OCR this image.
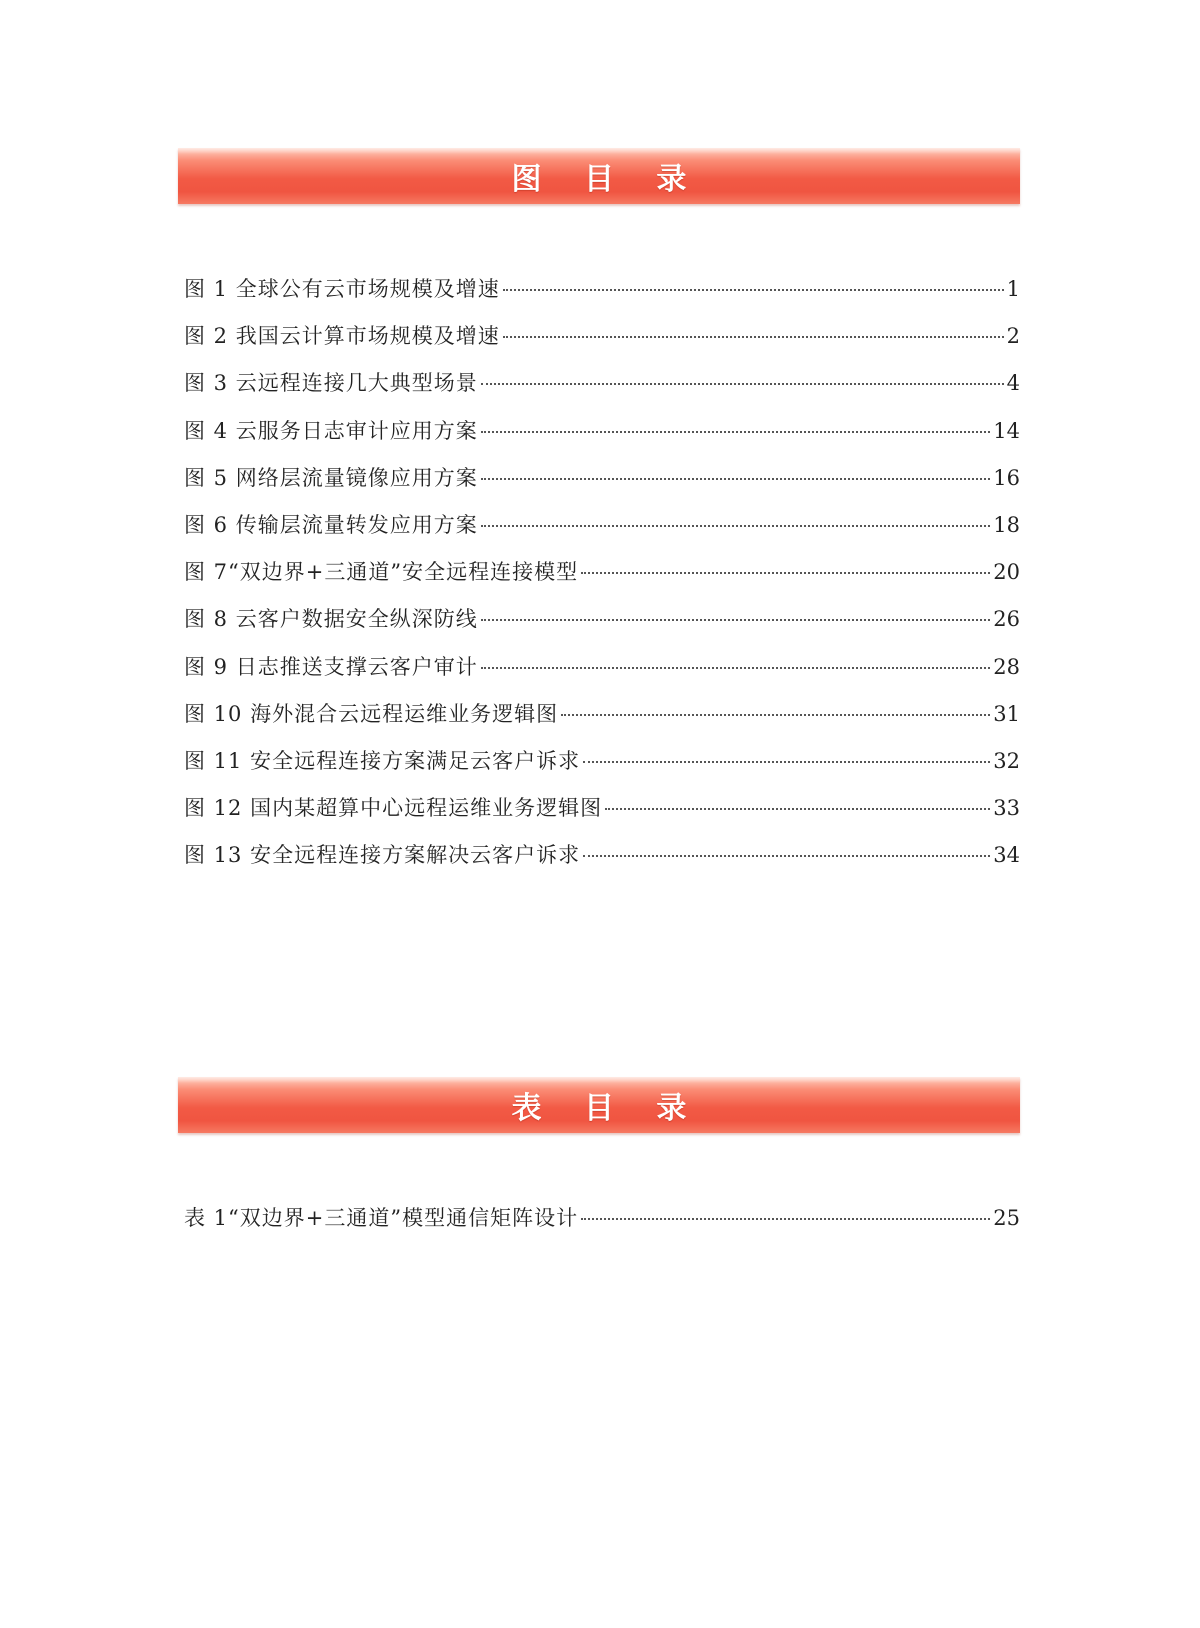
图 目 录
图 1 全球公有云市场规模及增速	1
图 2 我国云计算市场规模及增速	2
图 3 云远程连接几大典型场景	4
图 4 云服务日志审计应用方案	14
图 5 网络层流量镜像应用方案	16
图 6 传输层流量转发应用方案	18
图 7“双边界+三通道”安全远程连接模型	20
图 8 云客户数据安全纵深防线	26
图 9 日志推送支撑云客户审计	28
图 10 海外混合云远程运维业务逻辑图	31
图 11 安全远程连接方案满足云客户诉求	32
图 12 国内某超算中心远程运维业务逻辑图	33
图 13 安全远程连接方案解决云客户诉求	34
表 目 录
表 1“双边界+三通道”模型通信矩阵设计	25
